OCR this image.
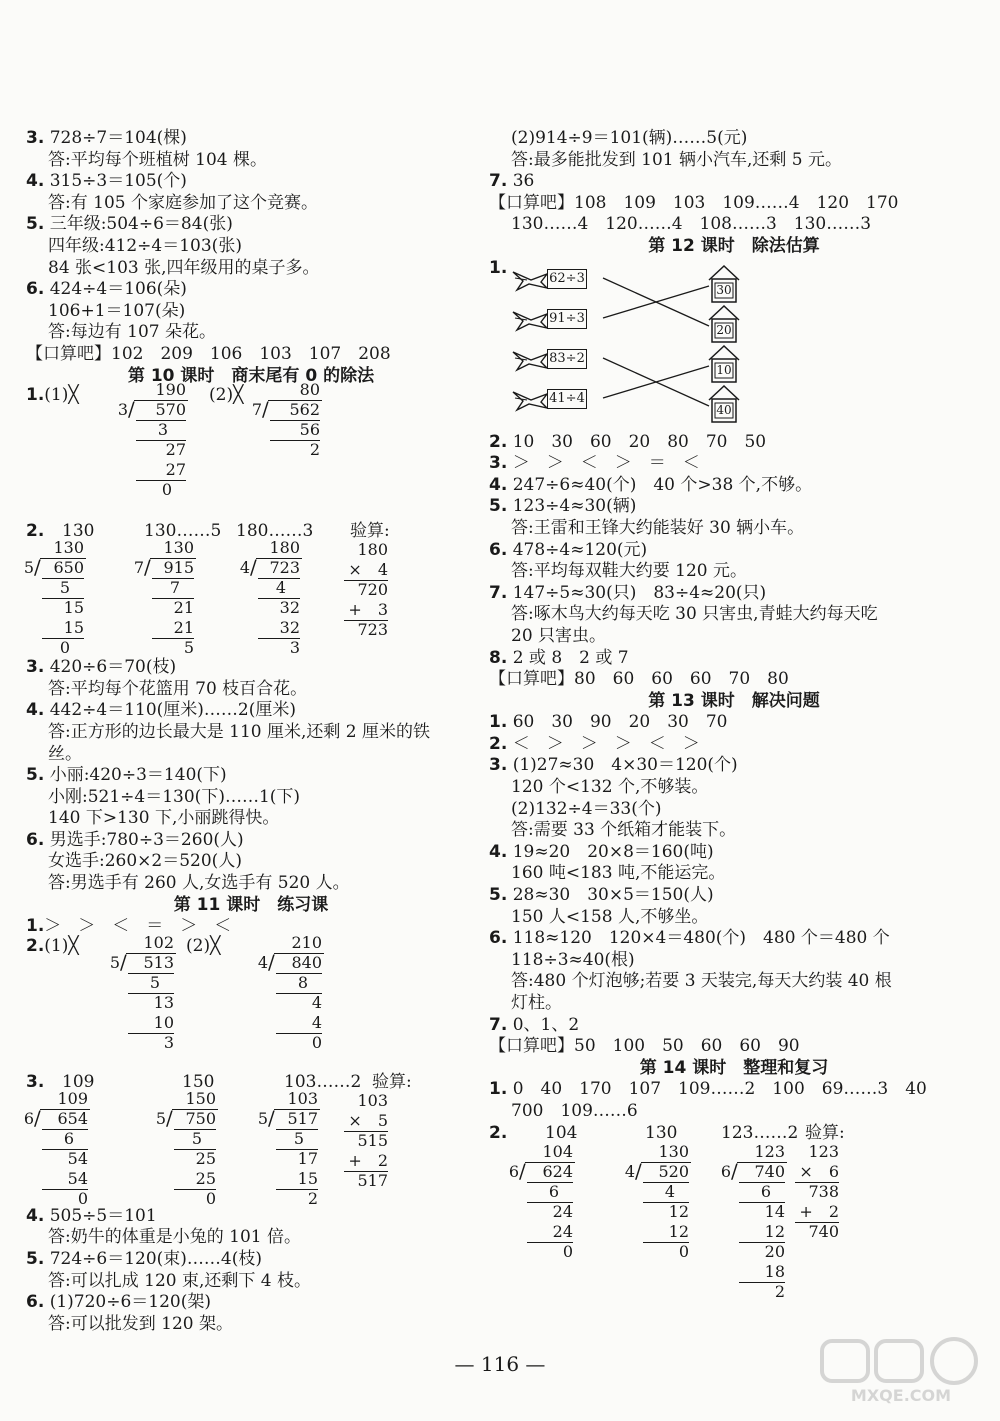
3. 728÷7＝104(棵)
答:平均每个班植树 104 棵。
4. 315÷3＝105(个)
答:有 105 个家庭参加了这个竞赛。
5. 三年级:504÷6＝84(张)
四年级:412÷4＝103(张)
84 张<103 张,四年级用的桌子多。
6. 424÷4＝106(朵)
106+1＝107(朵)
答:每边有 107 朵花。
【口算吧】102　209　106　103　107　208
第 10 课时　商末尾有 0 的除法
1.(1)╳	(2)╳
190
3 /	570
3
27
27
0
80
7 /	562
56
2
2.	130	130……5 180……3 验算:
130
5 / 650
5
15
15
0
130
7 / 915
7
21
21
5
180
4 / 723
4
32
32
3
180
×　4
720
+　3
723
3. 420÷6＝70(枝)
答:平均每个花篮用 70 枝百合花。
4. 442÷4＝110(厘米)……2(厘米)
答:正方形的边长最大是 110 厘米,还剩 2 厘米的铁
丝。
5. 小丽:420÷3＝140(下)
小刚:521÷4＝130(下)……1(下)
140 下>130 下,小丽跳得快。
6. 男选手:780÷3＝260(人)
女选手:260×2＝520(人)
答:男选手有 260 人,女选手有 520 人。
第 11 课时　练习课
1.＞　＞　＜　＝　＞　＜
2.(1)╳	(2)╳
102
5 /	513
5
13
10
3
210
4 /	840
8
4
4
0
3. 109	150	103……2 验算:
109
6 /	654
6
54
54
0
150
5 / 750
5
25
25
0
103
5 / 517
5
17
15
2
103
×　5
515
+　2
517
4. 505÷5＝101
答:奶牛的体重是小兔的 101 倍。
5. 724÷6＝120(束)……4(枝)
答:可以扎成 120 束,还剩下 4 枝。
6. (1)720÷6＝120(架)
答:可以批发到 120 架。
(2)914÷9＝101(辆)……5(元)
答:最多能批发到 101 辆小汽车,还剩 5 元。
7. 36
【口算吧】108　109　103　109……4　120　170
130……4　120……4　108……3　130……3
第 12 课时　除法估算
1.
62÷3
91÷3
83÷2
41÷4
30
20
10
40
2. 10　30　60　20　80　70　50
3. ＞　＞　＜　＞　＝　＜
4. 247÷6≈40(个)　40 个>38 个,不够。
5. 123÷4≈30(辆)
答:王雷和王锋大约能装好 30 辆小车。
6. 478÷4≈120(元)
答:平均每双鞋大约要 120 元。
7. 147÷5≈30(只)　83÷4≈20(只)
答:啄木鸟大约每天吃 30 只害虫,青蛙大约每天吃
20 只害虫。
8. 2 或 8　2 或 7
【口算吧】80　60　60　60　70　80
第 13 课时　解决问题
1. 60　30　90　20　30　70
2. ＜　＞　＞　＞　＜　＞
3. (1)27≈30　4×30＝120(个)
120 个<132 个,不够装。
(2)132÷4＝33(个)
答:需要 33 个纸箱才能装下。
4. 19≈20　20×8＝160(吨)
160 吨<183 吨,不能运完。
5. 28≈30　30×5＝150(人)
150 人<158 人,不够坐。
6. 118≈120　120×4＝480(个)　480 个＝480 个
118÷3≈40(根)
答:480 个灯泡够;若要 3 天装完,每天大约装 40 根
灯柱。
7. 0、1、2
【口算吧】50　100　50　60　60　90
第 14 课时　整理和复习
1. 0　40　170　107　109……2　100　69……3　40
700　109……6
2. 104	130	123……2 验算:
104
6 /	624
6
24
24
0
130
4 /	520
4
12
12
0
123
6 /	740
6
14
12
20
18
2
123
×　6
738
+　2
740
— 116 —
MXQE.COM
